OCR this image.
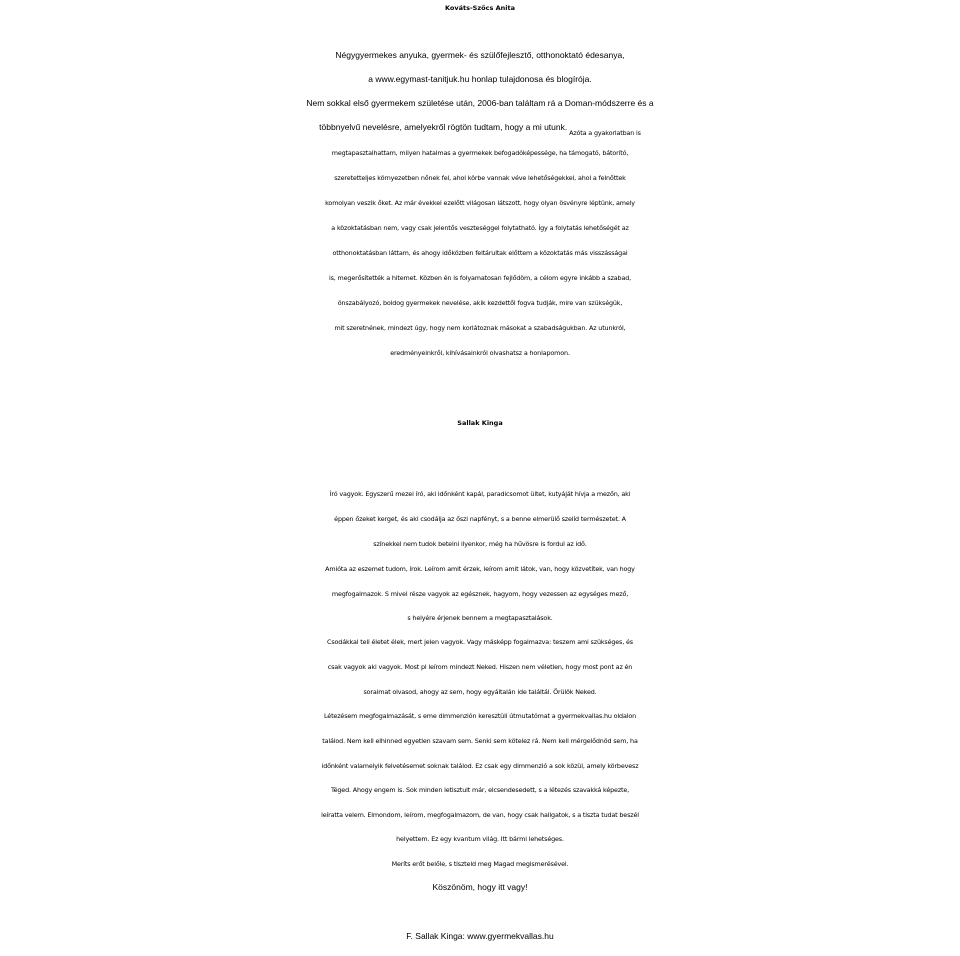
Kováts-Szőcs Anita
Négygyermekes anyuka, gyermek- és szülőfejlesztő, otthonoktató édesanya,
a www.egymast-tanitjuk.hu honlap tulajdonosa és blogírója.
Nem sokkal első gyermekem születése után, 2006-ban találtam rá a Doman-módszerre és a
többnyelvű nevelésre, amelyekről rögtön tudtam, hogy a mi utunk.
Azóta a gyakorlatban is
megtapasztalhattam, milyen hatalmas a gyermekek befogadóképessége, ha támogató, bátorító,
szeretetteljes környezetben nőnek fel, ahol körbe vannak véve lehetőségekkel, ahol a felnőttek
komolyan veszik őket. Az már évekkel ezelőtt világosan látszott, hogy olyan ösvényre léptünk, amely
a közoktatásban nem, vagy csak jelentős veszteséggel folytatható. Így a folytatás lehetőségét az
otthonoktatásban láttam, és ahogy időközben feltárultak előttem a közoktatás más visszásságai
is, megerősítették a hitemet. Közben én is folyamatosan fejlődöm, a célom egyre inkább a szabad,
önszabályozó, boldog gyermekek nevelése, akik kezdettől fogva tudják, mire van szükségük,
mit szeretnének, mindezt úgy, hogy nem korlátoznak másokat a szabadságukban. Az utunkról,
eredményeinkről, kihívásainkról olvashatsz a honlapomon.
Sallak Kinga
Író vagyok. Egyszerű mezei író, aki időnként kapál, paradicsomot ültet, kutyáját hívja a mezőn, aki
éppen őzeket kerget, és aki csodálja az őszi napfényt, s a benne elmerülő szelíd természetet. A
színekkel nem tudok betelni ilyenkor, még ha hűvösre is fordul az idő.
Amióta az eszemet tudom, írok. Leírom amit érzek, leírom amit látok, van, hogy közvetítek, van hogy
megfogalmazok. S mivel része vagyok az egésznek, hagyom, hogy vezessen az egységes mező,
s helyére érjenek bennem a megtapasztalások.
Csodákkal teli életet élek, mert jelen vagyok. Vagy másképp fogalmazva: teszem ami szükséges, és
csak vagyok aki vagyok. Most pl leírom mindezt Neked. Hiszen nem véletlen, hogy most pont az én
soraimat olvasod, ahogy az sem, hogy egyáltalán ide találtál. Örülök Neked.
Létezésem megfogalmazását, s eme dimmenzión keresztüli útmutatómat a gyermekvallas.hu oldalon
találod. Nem kell elhinned egyetlen szavam sem. Senki sem kötelez rá. Nem kell mérgelődnöd sem, ha
időnként valamelyik felvetésemet soknak találod. Ez csak egy dimmenzió a sok közül, amely körbevesz
Téged. Ahogy engem is. Sok minden letisztult már, elcsendesedett, s a létezés szavakká képezte,
leíratta velem. Elmondom, leírom, megfogalmazom, de van, hogy csak hallgatok, s a tiszta tudat beszél
helyettem. Ez egy kvantum világ. Itt bármi lehetséges.
Meríts erőt belőle, s tiszteld meg Magad megismerésével.
Köszönöm, hogy itt vagy!
F. Sallak Kinga: www.gyermekvallas.hu
